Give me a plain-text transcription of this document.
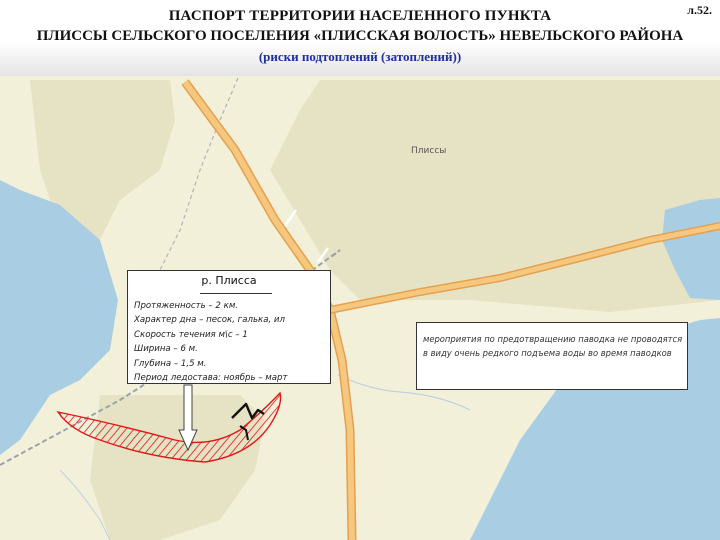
ПАСПОРТ ТЕРРИТОРИИ НАСЕЛЕННОГО ПУНКТА
ПЛИССЫ СЕЛЬСКОГО ПОСЕЛЕНИЯ «ПЛИССКАЯ ВОЛОСТЬ» НЕВЕЛЬСКОГО РАЙОНА
(риски подтоплений (затоплений))
л.52.
Плиссы
р. Плисса
Протяженность – 2 км.
Характер дна – песок, галька, ил
Скорость течения м\с – 1
Ширина – 6 м.
Глубина – 1,5 м.
Период ледостава: ноябрь – март
мероприятия по предотвращению паводка не проводятся в виду очень редкого подъема воды во время паводков
